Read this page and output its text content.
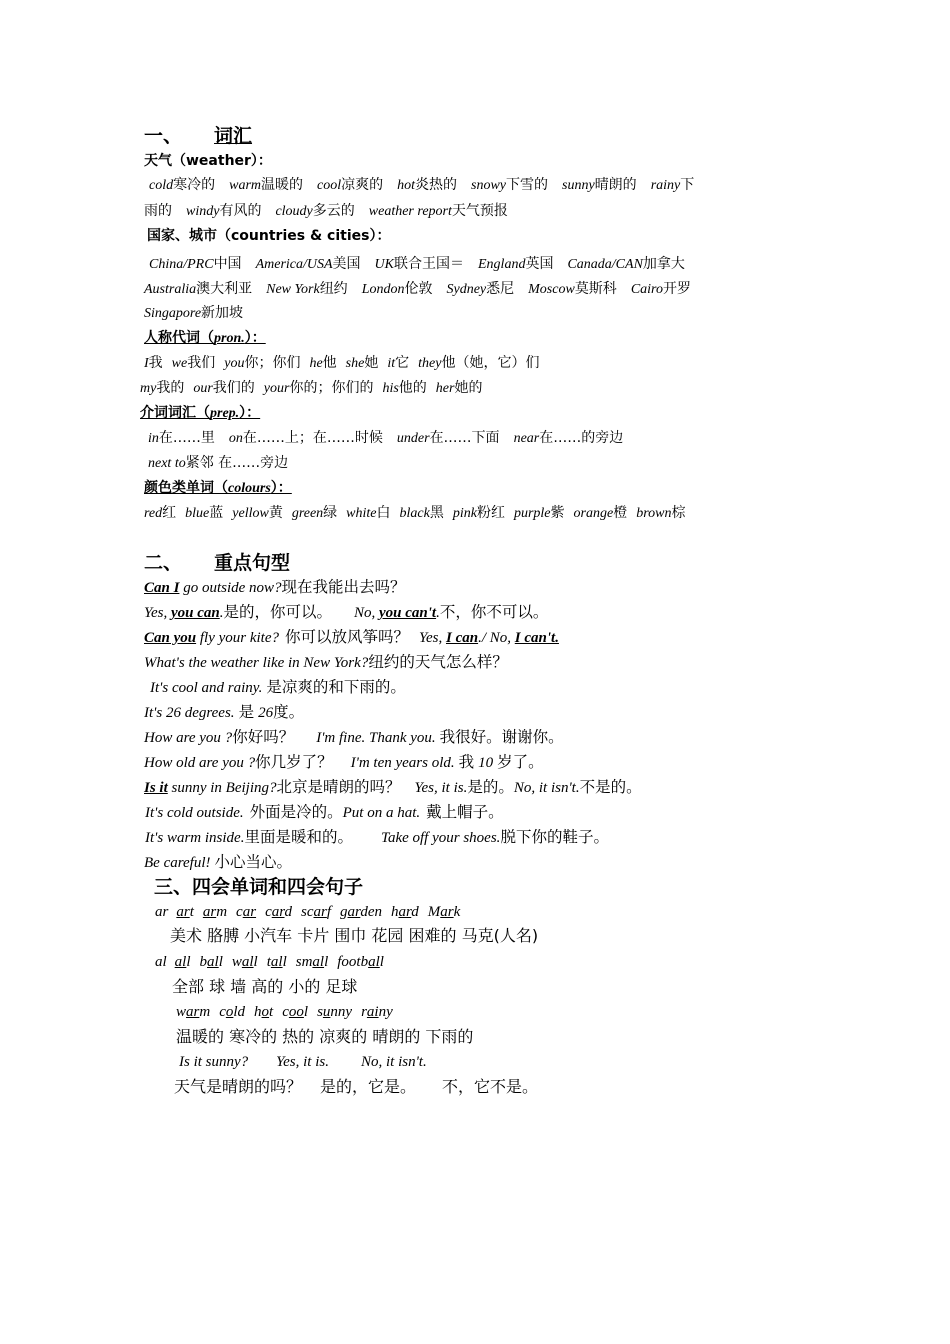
一、 词汇
天气（weather）：
cold寒冷的 warm温暖的 cool凉爽的 hot炎热的 snowy下雪的 sunny晴朗的 rainy下
雨的 windy有风的 cloudy多云的 weather report天气预报
国家、城市（countries & cities）：
China/PRC中国 America/USA美国 UK联合王国＝ England英国 Canada/CAN加拿大
Australia澳大利亚 New York纽约 London伦敦 Sydney悉尼 Moscow莫斯科 Cairo开罗
Singapore新加坡
人称代词（pron.）：
I我 we我们 you你；你们 he他 she她 it它 they他（她，它）们
my我的 our我们的 your你的；你们的 his他的 her她的
介词词汇（prep.）：
in在……里 on在……上；在……时候 under在……下面 near在……的旁边
next to紧邻 在……旁边
颜色类单词（colours）：
red红 blue蓝 yellow黄 green绿 white白 black黑 pink粉红 purple紫 orange橙 brown棕
二、 重点句型
Can I go outside now?现在我能出去吗？
Yes, you can.是的，你可以。 No, you can't.不，你不可以。
Can you fly your kite? 你可以放风筝吗？ Yes, I can./ No, I can't.
What's the weather like in New York?纽约的天气怎么样？
It's cool and rainy. 是凉爽的和下雨的。
It's 26 degrees. 是 26度。
How are you ?你好吗？ I'm fine. Thank you. 我很好。谢谢你。
How old are you ?你几岁了？ I'm ten years old. 我 10 岁了。
Is it sunny in Beijing?北京是晴朗的吗？ Yes, it is.是的。No, it isn't.不是的。
It's cold outside. 外面是冷的。Put on a hat. 戴上帽子。
It's warm inside.里面是暖和的。 Take off your shoes.脱下你的鞋子。
Be careful! 小心当心。
三、四会单词和四会句子
ar art arm car card scarf garden hard Mark
美术 胳膊 小汽车 卡片 围巾 花园 困难的 马克(人名)
al all ball wall tall small football
全部 球 墙 高的 小的 足球
warm cold hot cool sunny rainy
温暖的 寒冷的 热的 凉爽的 晴朗的 下雨的
Is it sunny? Yes, it is. No, it isn't.
天气是晴朗的吗？ 是的，它是。 不，它不是。
